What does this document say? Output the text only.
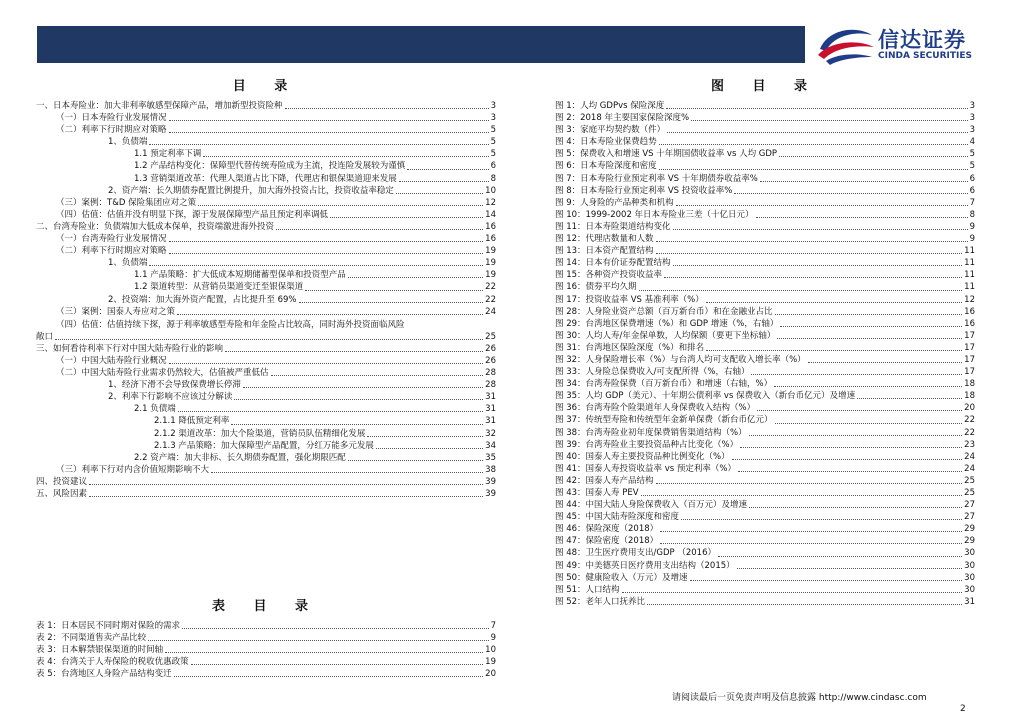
信达证券
CINDA SECURITIES
目 录
一、日本寿险业：加大非利率敏感型保障产品，增加新型投资险种	3
（一）日本寿险行业发展情况	3
（二）利率下行时期应对策略	5
1、负债端	5
1.1 预定利率下调	5
1.2 产品结构变化：保障型代替传统寿险成为主流，投连险发展较为谨慎	6
1.3 营销渠道改革：代理人渠道占比下降，代理店和银保渠道迎来发展	8
2、资产端：长久期债券配置比例提升，加大海外投资占比，投资收益率稳定	10
（三）案例：T&D 保险集团应对之策	12
（四）估值：估值并没有明显下探，源于发展保障型产品且预定利率调低	14
二、台湾寿险业：负债端加大低成本保单，投资端激进海外投资	16
（一）台湾寿险行业发展情况	16
（二）利率下行时期应对策略	19
1、负债端	19
1.1 产品策略：扩大低成本短期储蓄型保单和投资型产品	19
1.2 渠道转型：从营销员渠道变迁至银保渠道	22
2、投资端：加大海外资产配置，占比提升至 69%	22
（三）案例：国泰人寿应对之策	24
（四）估值：估值持续下探，源于利率敏感型寿险和年金险占比较高，同时海外投资面临风险
敞口	25
三、如何看待利率下行对中国大陆寿险行业的影响	26
（一）中国大陆寿险行业概况	26
（二）中国大陆寿险行业需求仍然较大，估值被严重低估	28
1、经济下滑不会导致保费增长停滞	28
2、利率下行影响不应该过分解读	31
2.1 负债端	31
2.1.1 降低预定利率	31
2.1.2 渠道改革：加大个险渠道，营销员队伍精细化发展	32
2.1.3 产品策略：加大保障型产品配置，分红万能多元发展	34
2.2 资产端：加大非标、长久期债券配置，强化期限匹配	35
（三）利率下行对内含价值短期影响不大	38
四、投资建议	39
五、风险因素	39
表 目 录
表 1：日本居民不同时期对保险的需求	7
表 2：不同渠道售卖产品比较	9
表 3：日本解禁银保渠道的时间轴	10
表 4：台湾关于人寿保险的税收优惠政策	19
表 5：台湾地区人身险产品结构变迁	20
图 目 录
图 1：人均 GDPvs 保险深度	3
图 2：2018 年主要国家保险深度%	3
图 3：家庭平均契约数（件）	3
图 4：日本寿险业保费趋势	4
图 5：保费收入和增速 VS 十年期国债收益率 vs 人均 GDP	5
图 6：日本寿险深度和密度	5
图 7：日本寿险行业预定利率 VS 十年期债券收益率%	6
图 8：日本寿险行业预定利率 VS 投资收益率%	6
图 9：人身险的产品种类和机构	7
图 10：1999-2002 年日本寿险业三差（十亿日元）	8
图 11：日本寿险渠道结构变化	9
图 12：代理店数量和人数	9
图 13：日本资产配置结构	11
图 14：日本有价证券配置结构	11
图 15：各种资产投资收益率	11
图 16：债券平均久期	11
图 17：投资收益率 VS 基准利率（%）	12
图 28：人身险业资产总额（百万新台币）和在金融业占比	16
图 29：台湾地区保费增速（%）和 GDP 增速（%，右轴）	16
图 30：人均人寿/年金保单数，人均保额（要更下坐标轴）	17
图 31：台湾地区保险深度（%）和排名	17
图 32：人身保险增长率（%）与台湾人均可支配收入增长率（%）	17
图 33：人身险总保费收入/可支配所得（%，右轴）	17
图 34：台湾寿险保费（百万新台币）和增速（右轴，%）	18
图 35：人均 GDP（美元）、十年期公债利率 vs 保费收入（新台币亿元）及增速	18
图 36：台湾寿险个险渠道年人身保费收入结构（%）	20
图 37：传统型寿险和传统型年金新单保费（新台币亿元）	22
图 38：台湾寿险业初年度保费销售渠道结构（%）	22
图 39：台湾寿险业主要投资品种占比变化（%）	23
图 40：国泰人寿主要投资品种比例变化（%）	24
图 41：国泰人寿投资收益率 vs 预定利率（%）	24
图 42：国泰人寿产品结构	25
图 43：国泰人寿 PEV	25
图 44：中国大陆人身险保费收入（百万元）及增速	27
图 45：中国大陆寿险深度和密度	27
图 46：保险深度（2018）	29
图 47：保险密度（2018）	29
图 48：卫生医疗费用支出/GDP （2016）	30
图 49：中美德英日医疗费用支出结构（2015）	30
图 50：健康险收入（万元）及增速	30
图 51：人口结构	30
图 52：老年人口抚养比	31
请阅读最后一页免责声明及信息披露 http://www.cindasc.com
2
